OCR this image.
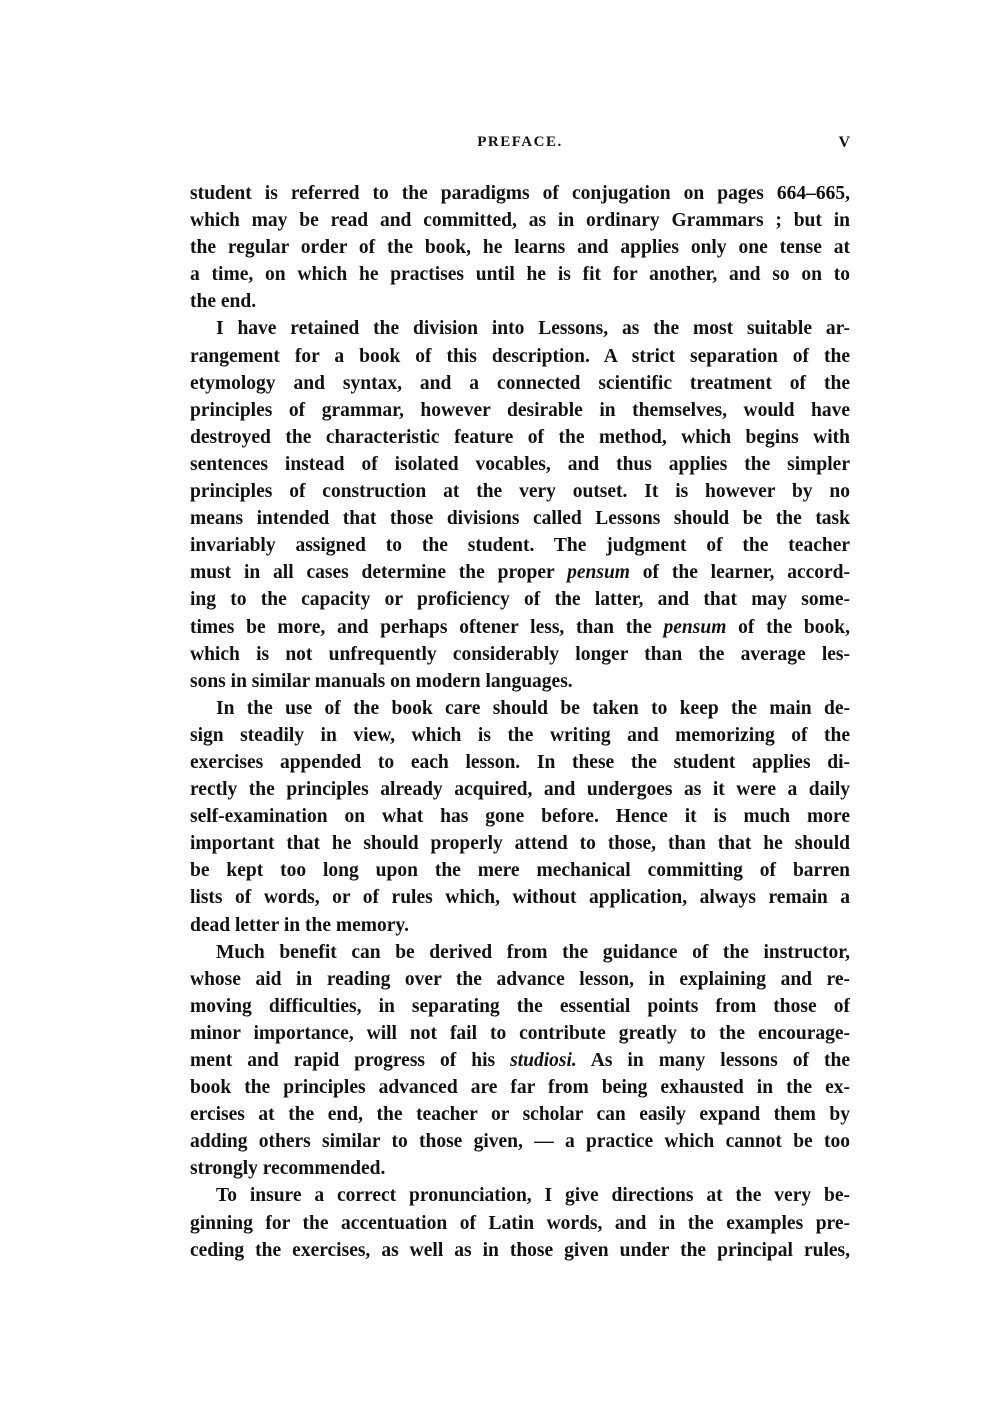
PREFACE.	V
student is referred to the paradigms of conjugation on pages 664–665,
which may be read and committed, as in ordinary Grammars ; but in
the regular order of the book, he learns and applies only one tense at
a time, on which he practises until he is fit for another, and so on to
the end.
I have retained the division into Lessons, as the most suitable ar-
rangement for a book of this description. A strict separation of the
etymology and syntax, and a connected scientific treatment of the
principles of grammar, however desirable in themselves, would have
destroyed the characteristic feature of the method, which begins with
sentences instead of isolated vocables, and thus applies the simpler
principles of construction at the very outset. It is however by no
means intended that those divisions called Lessons should be the task
invariably assigned to the student. The judgment of the teacher
must in all cases determine the proper pensum of the learner, accord-
ing to the capacity or proficiency of the latter, and that may some-
times be more, and perhaps oftener less, than the pensum of the book,
which is not unfrequently considerably longer than the average les-
sons in similar manuals on modern languages.
In the use of the book care should be taken to keep the main de-
sign steadily in view, which is the writing and memorizing of the
exercises appended to each lesson. In these the student applies di-
rectly the principles already acquired, and undergoes as it were a daily
self-examination on what has gone before. Hence it is much more
important that he should properly attend to those, than that he should
be kept too long upon the mere mechanical committing of barren
lists of words, or of rules which, without application, always remain a
dead letter in the memory.
Much benefit can be derived from the guidance of the instructor,
whose aid in reading over the advance lesson, in explaining and re-
moving difficulties, in separating the essential points from those of
minor importance, will not fail to contribute greatly to the encourage-
ment and rapid progress of his studiosi. As in many lessons of the
book the principles advanced are far from being exhausted in the ex-
ercises at the end, the teacher or scholar can easily expand them by
adding others similar to those given, — a practice which cannot be too
strongly recommended.
To insure a correct pronunciation, I give directions at the very be-
ginning for the accentuation of Latin words, and in the examples pre-
ceding the exercises, as well as in those given under the principal rules,
